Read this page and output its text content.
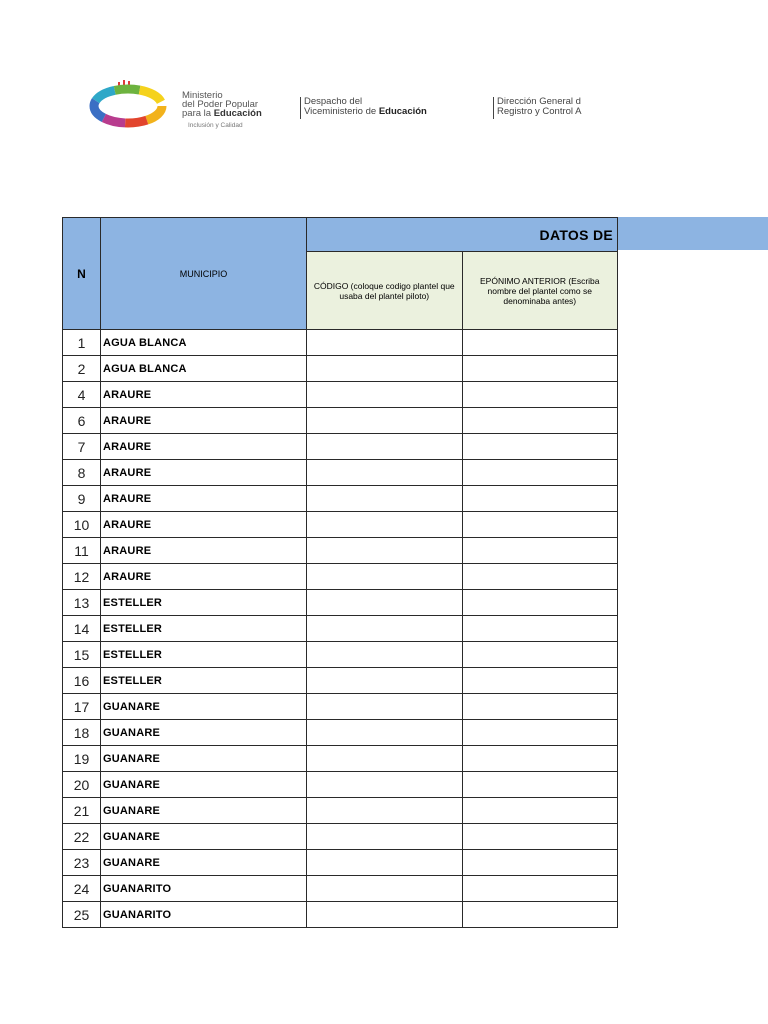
Ministerio
del Poder Popular
para la Educación
Inclusión y Calidad
Despacho del
Viceministerio de Educación
Dirección General d
Registro y Control A
N	MUNICIPIO	DATOS DE	
		CÓDIGO (coloque codigo plantel que usaba del plantel piloto)	EPÓNIMO ANTERIOR (Escriba nombre del plantel como se denominaba antes)
1	AGUA BLANCA		
2	AGUA BLANCA		
4	ARAURE		
6	ARAURE		
7	ARAURE		
8	ARAURE		
9	ARAURE		
10	ARAURE		
11	ARAURE		
12	ARAURE		
13	ESTELLER		
14	ESTELLER		
15	ESTELLER		
16	ESTELLER		
17	GUANARE		
18	GUANARE		
19	GUANARE		
20	GUANARE		
21	GUANARE		
22	GUANARE		
23	GUANARE		
24	GUANARITO		
25	GUANARITO		
